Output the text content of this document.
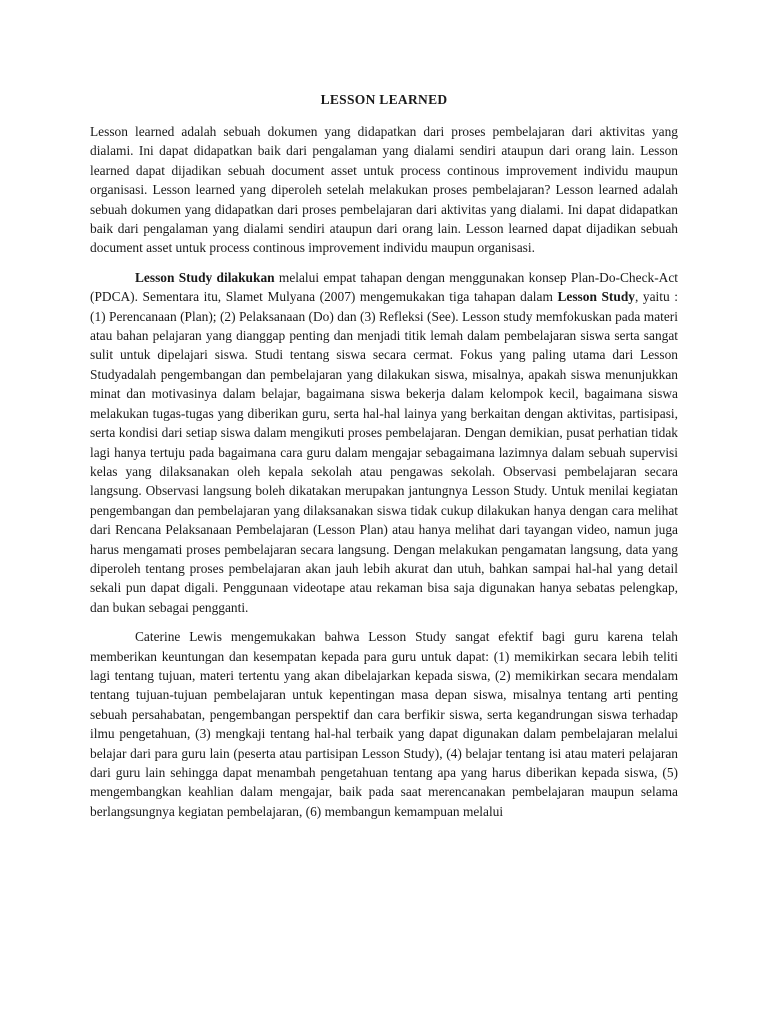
LESSON LEARNED

Lesson learned adalah sebuah dokumen yang didapatkan dari proses pembelajaran dari aktivitas yang dialami. Ini dapat didapatkan baik dari pengalaman yang dialami sendiri ataupun dari orang lain. Lesson learned dapat dijadikan sebuah document asset untuk process continous improvement individu maupun organisasi. Lesson learned yang diperoleh setelah melakukan proses pembelajaran? Lesson learned adalah sebuah dokumen yang didapatkan dari proses pembelajaran dari aktivitas yang dialami. Ini dapat didapatkan baik dari pengalaman yang dialami sendiri ataupun dari orang lain. Lesson learned dapat dijadikan sebuah document asset untuk process continous improvement individu maupun organisasi.

Lesson Study dilakukan melalui empat tahapan dengan menggunakan konsep Plan-Do-Check-Act (PDCA). Sementara itu, Slamet Mulyana (2007) mengemukakan tiga tahapan dalam Lesson Study, yaitu : (1) Perencanaan (Plan); (2) Pelaksanaan (Do) dan (3) Refleksi (See). Lesson study memfokuskan pada materi atau bahan pelajaran yang dianggap penting dan menjadi titik lemah dalam pembelajaran siswa serta sangat sulit untuk dipelajari siswa. Studi tentang siswa secara cermat. Fokus yang paling utama dari Lesson Studyadalah pengembangan dan pembelajaran yang dilakukan siswa, misalnya, apakah siswa menunjukkan minat dan motivasinya dalam belajar, bagaimana siswa bekerja dalam kelompok kecil, bagaimana siswa melakukan tugas-tugas yang diberikan guru, serta hal-hal lainya yang berkaitan dengan aktivitas, partisipasi, serta kondisi dari setiap siswa dalam mengikuti proses pembelajaran. Dengan demikian, pusat perhatian tidak lagi hanya tertuju pada bagaimana cara guru dalam mengajar sebagaimana lazimnya dalam sebuah supervisi kelas yang dilaksanakan oleh kepala sekolah atau pengawas sekolah. Observasi pembelajaran secara langsung. Observasi langsung boleh dikatakan merupakan jantungnya Lesson Study. Untuk menilai kegiatan pengembangan dan pembelajaran yang dilaksanakan siswa tidak cukup dilakukan hanya dengan cara melihat dari Rencana Pelaksanaan Pembelajaran (Lesson Plan) atau hanya melihat dari tayangan video, namun juga harus mengamati proses pembelajaran secara langsung. Dengan melakukan pengamatan langsung, data yang diperoleh tentang proses pembelajaran akan jauh lebih akurat dan utuh, bahkan sampai hal-hal yang detail sekali pun dapat digali. Penggunaan videotape atau rekaman bisa saja digunakan hanya sebatas pelengkap, dan bukan sebagai pengganti.

Caterine Lewis mengemukakan bahwa Lesson Study sangat efektif bagi guru karena telah memberikan keuntungan dan kesempatan kepada para guru untuk dapat: (1) memikirkan secara lebih teliti lagi tentang tujuan, materi tertentu yang akan dibelajarkan kepada siswa, (2) memikirkan secara mendalam tentang tujuan-tujuan pembelajaran untuk kepentingan masa depan siswa, misalnya tentang arti penting sebuah persahabatan, pengembangan perspektif dan cara berfikir siswa, serta kegandrungan siswa terhadap ilmu pengetahuan, (3) mengkaji tentang hal-hal terbaik yang dapat digunakan dalam pembelajaran melalui belajar dari para guru lain (peserta atau partisipan Lesson Study), (4) belajar tentang isi atau materi pelajaran dari guru lain sehingga dapat menambah pengetahuan tentang apa yang harus diberikan kepada siswa, (5) mengembangkan keahlian dalam mengajar, baik pada saat merencanakan pembelajaran maupun selama berlangsungnya kegiatan pembelajaran, (6) membangun kemampuan melalui
